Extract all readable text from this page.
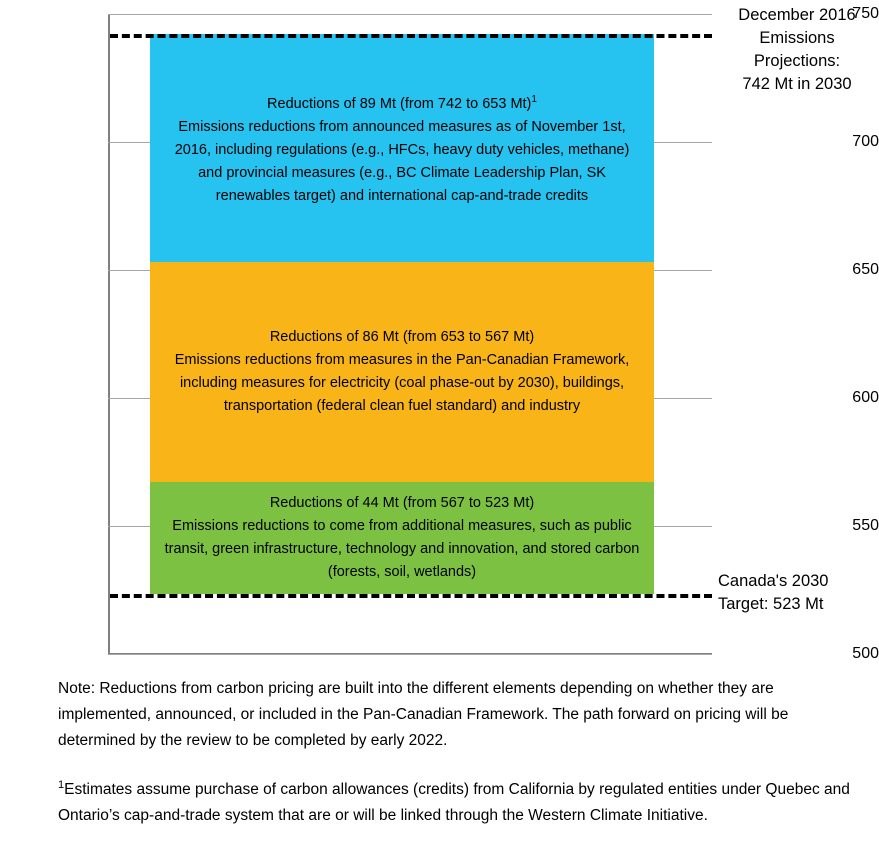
750
700
650
600
550
500
Reductions of 89 Mt (from 742 to 653 Mt)$^1$
Emissions reductions from announced measures as of November 1st, 2016, including regulations (e.g., HFCs, heavy duty vehicles, methane) and provincial measures (e.g., BC Climate Leadership Plan, SK renewables target) and international cap-and-trade credits
Reductions of 86 Mt (from 653 to 567 Mt)
Emissions reductions from measures in the Pan-Canadian Framework, including measures for electricity (coal phase-out by 2030), buildings, transportation (federal clean fuel standard) and industry
Reductions of 44 Mt (from 567 to 523 Mt)
Emissions reductions to come from additional measures, such as public transit, green infrastructure, technology and innovation, and stored carbon (forests, soil, wetlands)
December 2016
Emissions
Projections:
742 Mt in 2030
Canada's 2030
Target: 523 Mt
Note: Reductions from carbon pricing are built into the different elements depending on whether they are implemented, announced, or included in the Pan-Canadian Framework. The path forward on pricing will be determined by the review to be completed by early 2022.
$^1$Estimates assume purchase of carbon allowances (credits) from California by regulated entities under Quebec and Ontario’s cap-and-trade system that are or will be linked through the Western Climate Initiative.
